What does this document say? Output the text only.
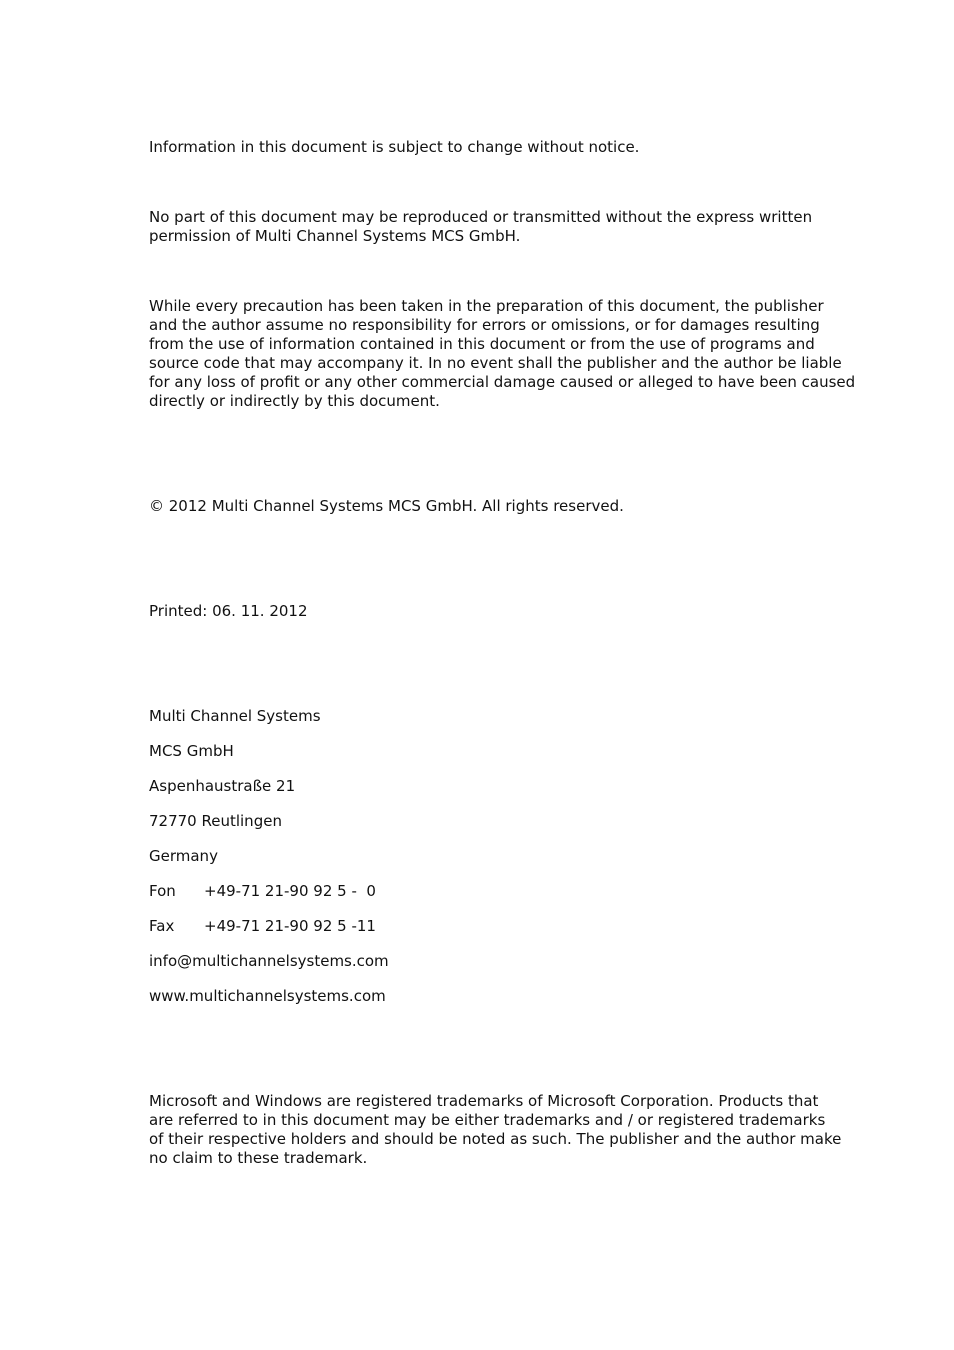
Information in this document is subject to change without notice.
No part of this document may be reproduced or transmitted without the express written
permission of Multi Channel Systems MCS GmbH.
While every precaution has been taken in the preparation of this document, the publisher
and the author assume no responsibility for errors or omissions, or for damages resulting
from the use of information contained in this document or from the use of programs and
source code that may accompany it. In no event shall the publisher and the author be liable
for any loss of profit or any other commercial damage caused or alleged to have been caused
directly or indirectly by this document.
© 2012 Multi Channel Systems MCS GmbH. All rights reserved.
Printed: 06. 11. 2012
Multi Channel Systems
MCS GmbH
Aspenhaustraße 21
72770 Reutlingen
Germany
Fon +49-71 21-90 92 5 -  0
Fax +49-71 21-90 92 5 -11
info@multichannelsystems.com
www.multichannelsystems.com
Microsoft and Windows are registered trademarks of Microsoft Corporation. Products that
are referred to in this document may be either trademarks and / or registered trademarks
of their respective holders and should be noted as such. The publisher and the author make
no claim to these trademark.
